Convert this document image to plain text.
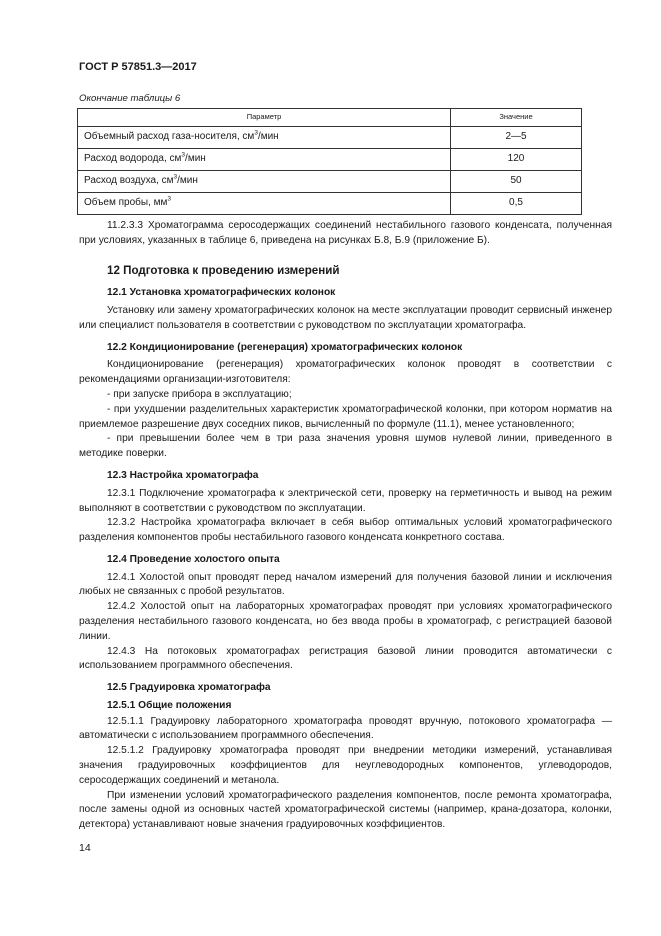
ГОСТ Р 57851.3—2017
Окончание таблицы 6
Параметр	Значение
Объемный расход газа-носителя, $см^3$/мин	2—5
Расход водорода, $см^3$/мин	120
Расход воздуха, $см^3$/мин	50
Объем пробы, $мм^3$	0,5

11.2.3.3 Хроматограмма серосодержащих соединений нестабильного газового конденсата, полученная при условиях, указанных в таблице 6, приведена на рисунках Б.8, Б.9 (приложение Б).

12 Подготовка к проведению измерений
12.1 Установка хроматографических колонок

Установку или замену хроматографических колонок на месте эксплуатации проводит сервисный инженер или специалист пользователя в соответствии с руководством по эксплуатации хроматографа.

12.2 Кондиционирование (регенерация) хроматографических колонок

Кондиционирование (регенерация) хроматографических колонок проводят в соответствии с рекомендациями организации-изготовителя:

- при запуске прибора в эксплуатацию;

- при ухудшении разделительных характеристик хроматографической колонки, при котором норматив на приемлемое разрешение двух соседних пиков, вычисленный по формуле (11.1), менее установленного;

- при превышении более чем в три раза значения уровня шумов нулевой линии, приведенного в методике поверки.

12.3 Настройка хроматографа

12.3.1 Подключение хроматографа к электрической сети, проверку на герметичность и вывод на режим выполняют в соответствии с руководством по эксплуатации.

12.3.2 Настройка хроматографа включает в себя выбор оптимальных условий хроматографического разделения компонентов пробы нестабильного газового конденсата конкретного состава.

12.4 Проведение холостого опыта

12.4.1 Холостой опыт проводят перед началом измерений для получения базовой линии и исключения любых не связанных с пробой результатов.

12.4.2 Холостой опыт на лабораторных хроматографах проводят при условиях хроматографического разделения нестабильного газового конденсата, но без ввода пробы в хроматограф, с регистрацией базовой линии.

12.4.3 На потоковых хроматографах регистрация базовой линии проводится автоматически с использованием программного обеспечения.

12.5 Градуировка хроматографа
12.5.1 Общие положения

12.5.1.1 Градуировку лабораторного хроматографа проводят вручную, потокового хроматографа — автоматически с использованием программного обеспечения.

12.5.1.2 Градуировку хроматографа проводят при внедрении методики измерений, устанавливая значения градуировочных коэффициентов для неуглеводородных компонентов, углеводородов, серосодержащих соединений и метанола.

При изменении условий хроматографического разделения компонентов, после ремонта хроматографа, после замены одной из основных частей хроматографической системы (например, крана-дозатора, колонки, детектора) устанавливают новые значения градуировочных коэффициентов.

14
